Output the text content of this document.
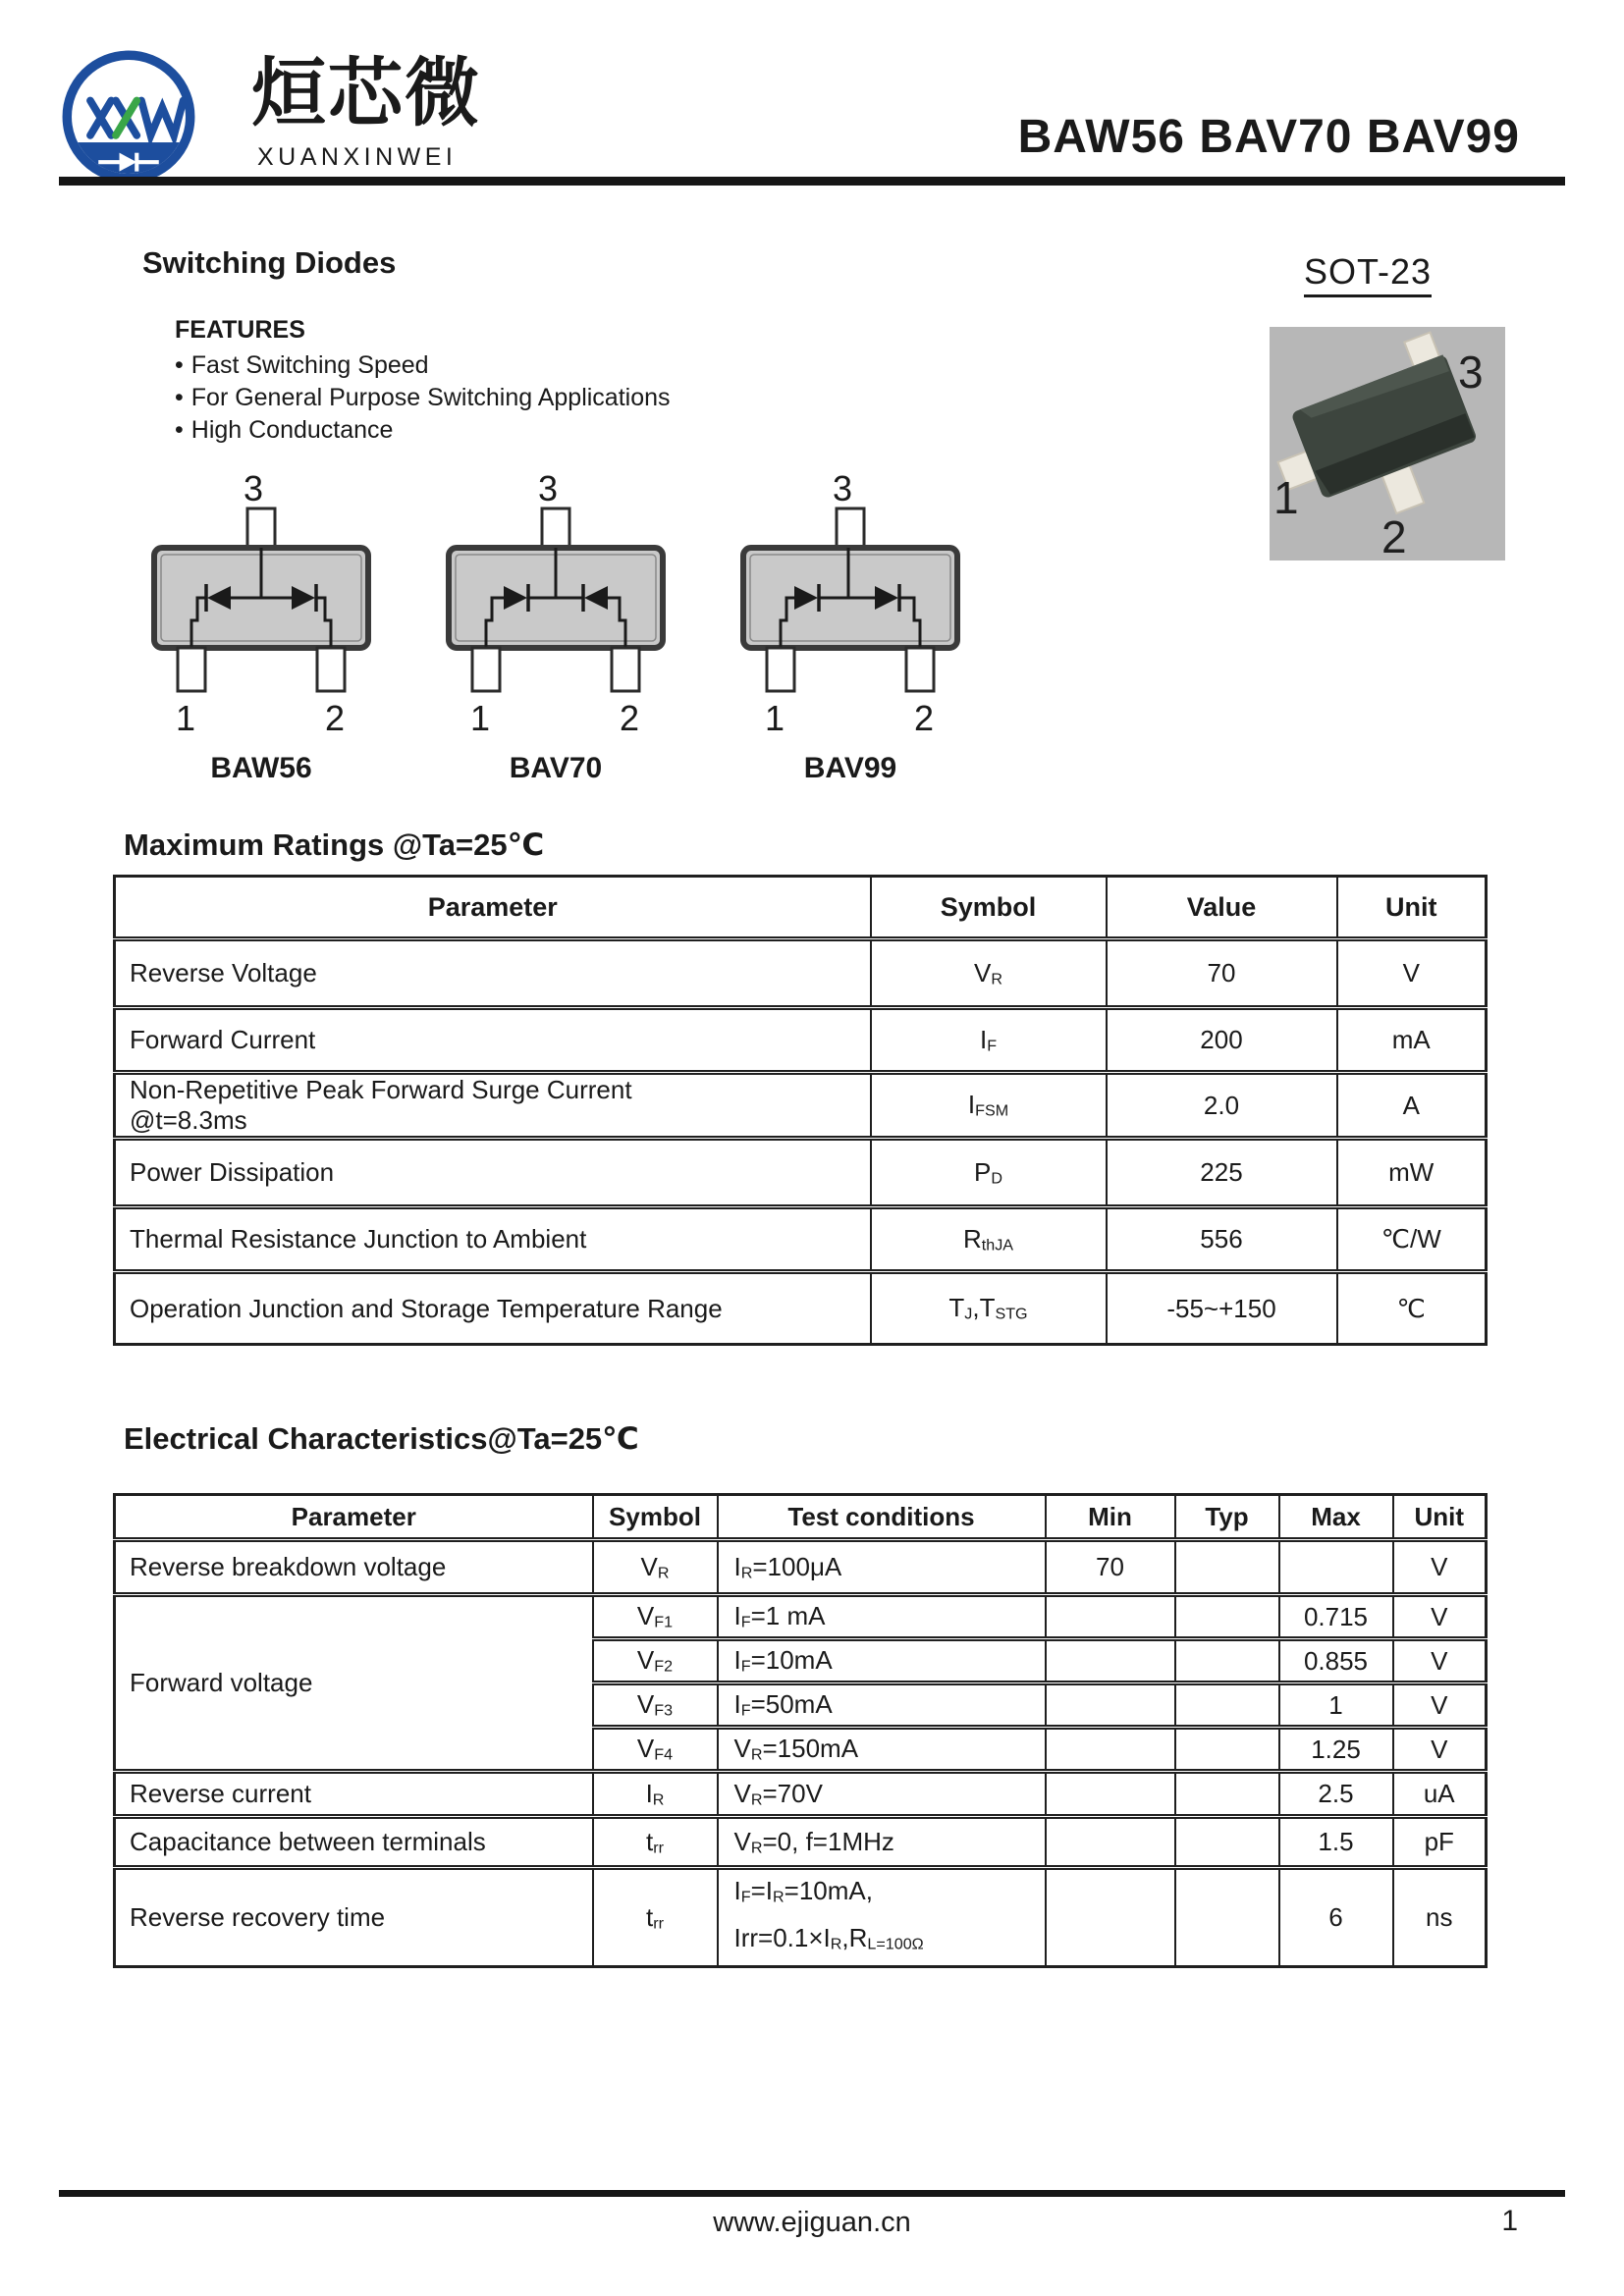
烜芯微
XUANXINWEI	BAW56 BAV70 BAV99
Switching Diodes	SOT-23
FEATURES
• Fast Switching Speed
• For General Purpose Switching Applications
• High Conductance
3
1
2
3
1	2
BAW56
3
1	2
BAV70
3
1	2
BAV99
Maximum Ratings @Ta=25℃
Parameter	Symbol	Value	Unit
Reverse Voltage	VR	70	V
Forward Current	IF	200	mA

Non-Repetitive Peak Forward Surge Current
@t=8.3ms	IFSM	2.0	A
Power Dissipation	PD	225	mW
Thermal Resistance Junction to Ambient	RthJA	556	℃/W
Operation Junction and Storage Temperature Range	TJ,TSTG	-55~+150	℃
Electrical Characteristics@Ta=25℃
Parameter	Symbol	Test conditions	Min	Typ	Max	Unit
Reverse breakdown voltage	VR	IR=100μA	70			V
Forward voltage	VF1	IF=1 mA			0.715	V
	VF2	IF=10mA			0.855	V
	VF3	IF=50mA			1	V
	VF4	VR=150mA			1.25	V
Reverse current	IR	VR=70V			2.5	uA
Capacitance between terminals	trr	VR=0, f=1MHz			1.5	pF
Reverse recovery time	trr	IF=IR=10mA,
Irr=0.1×IR,RL=100Ω			6	ns
www.ejiguan.cn	1
